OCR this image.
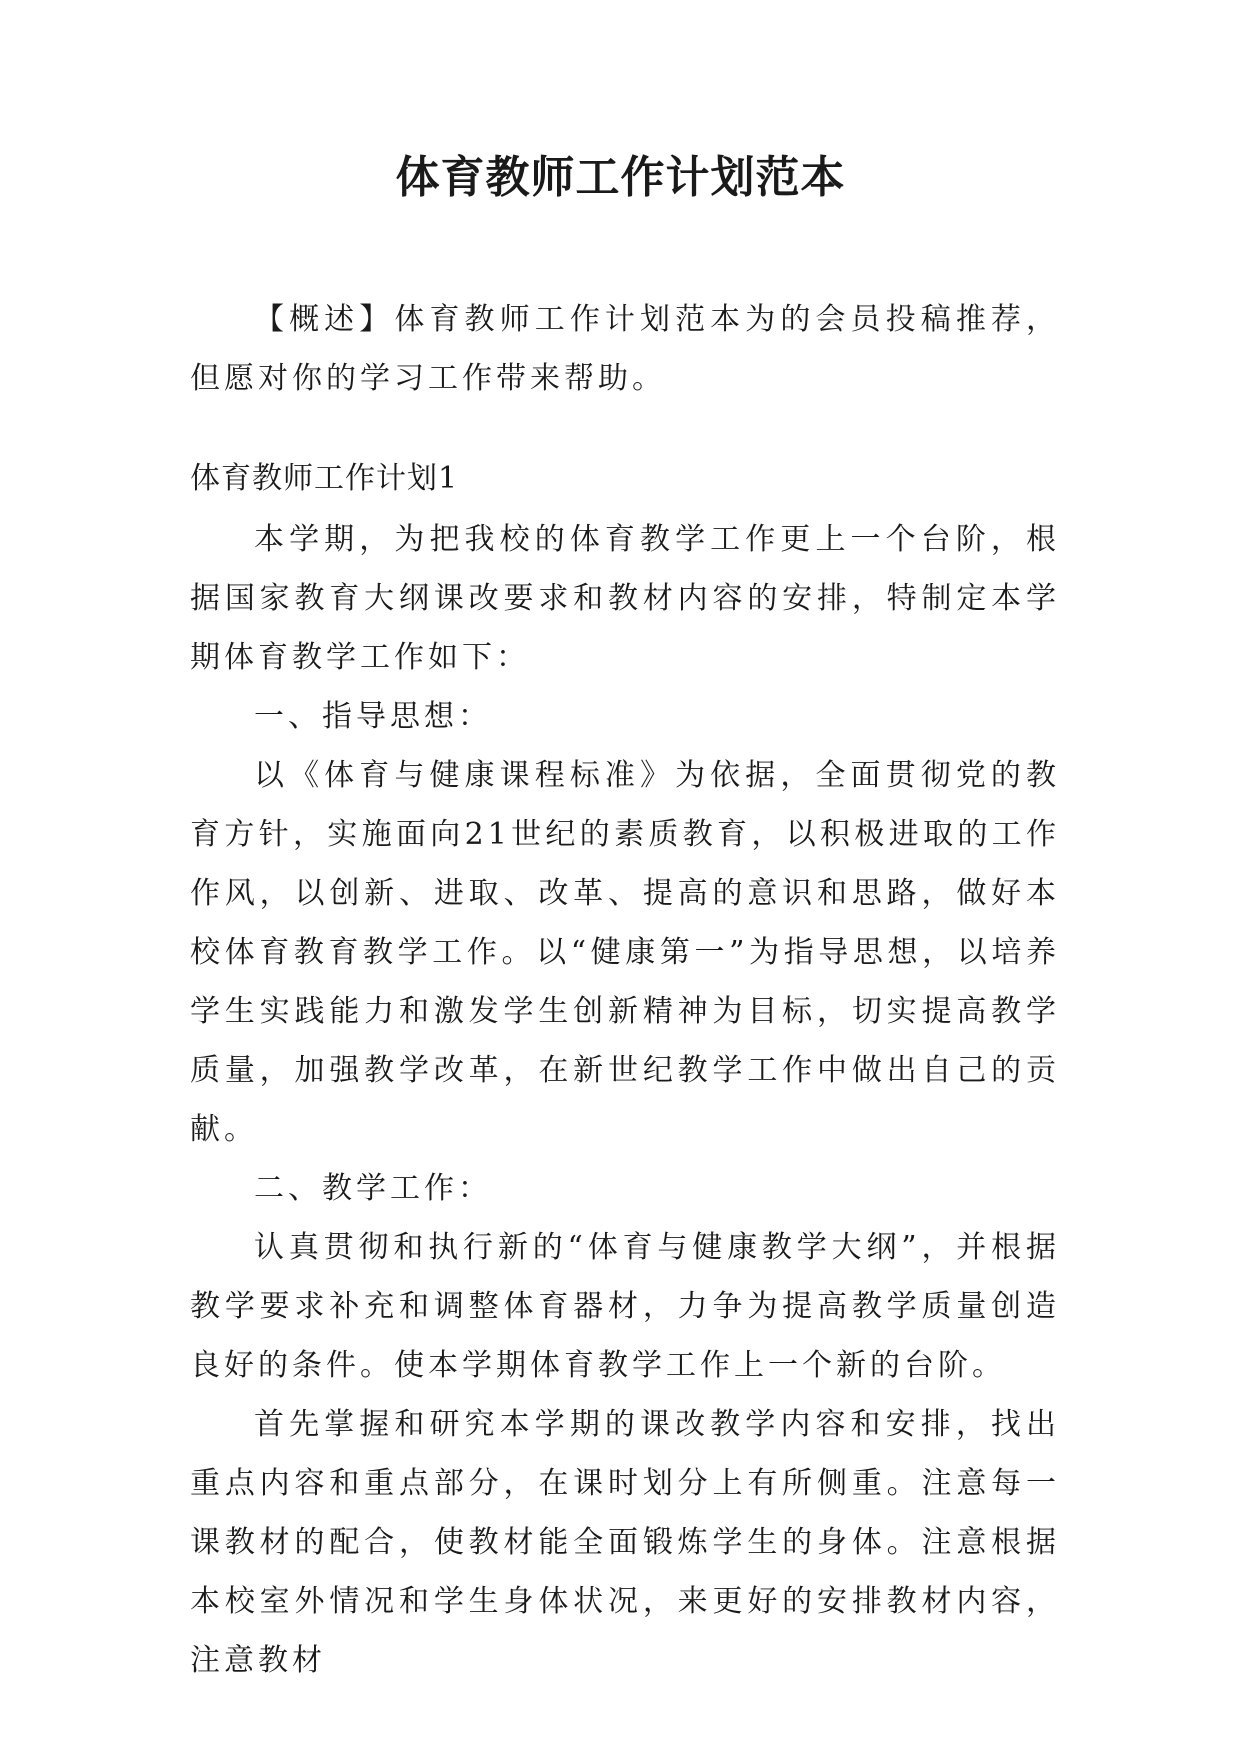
体育教师工作计划范本

【概述】体育教师工作计划范本为的会员投稿推荐，但愿对你的学习工作带来帮助。

体育教师工作计划1

本学期，为把我校的体育教学工作更上一个台阶，根据国家教育大纲课改要求和教材内容的安排，特制定本学期体育教学工作如下：

一、指导思想：

以《体育与健康课程标准》为依据，全面贯彻党的教育方针，实施面向21世纪的素质教育，以积极进取的工作作风，以创新、进取、改革、提高的意识和思路，做好本校体育教育教学工作。以“健康第一”为指导思想，以培养学生实践能力和激发学生创新精神为目标，切实提高教学质量，加强教学改革，在新世纪教学工作中做出自己的贡献。

二、教学工作：

认真贯彻和执行新的“体育与健康教学大纲”，并根据教学要求补充和调整体育器材，力争为提高教学质量创造良好的条件。使本学期体育教学工作上一个新的台阶。

首先掌握和研究本学期的课改教学内容和安排，找出重点内容和重点部分，在课时划分上有所侧重。注意每一课教材的配合，使教材能全面锻炼学生的身体。注意根据本校室外情况和学生身体状况，来更好的安排教材内容，注意教材
